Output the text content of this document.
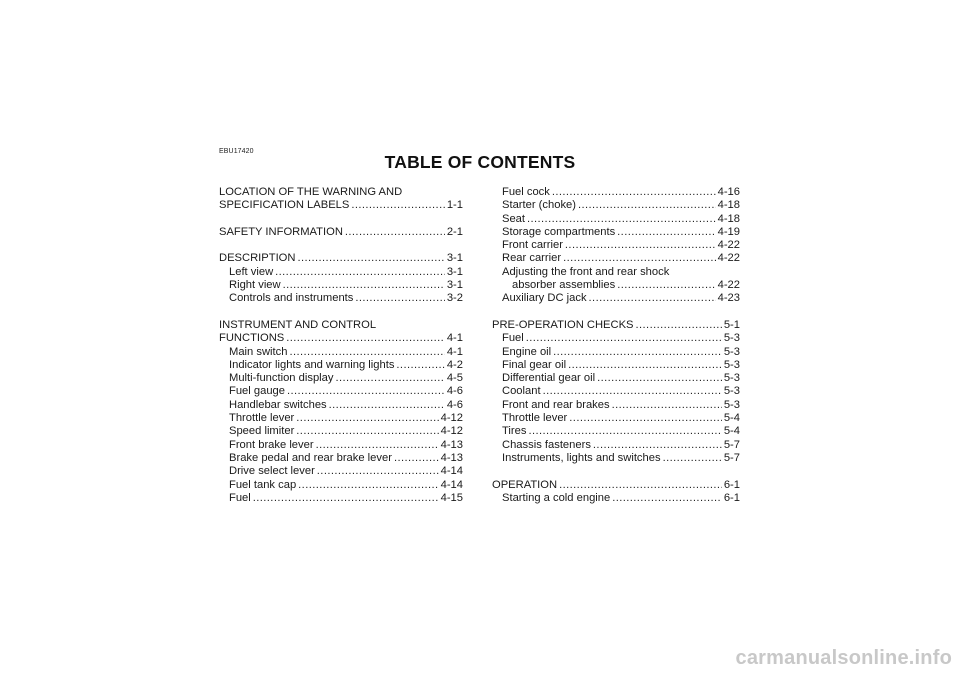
EBU17420
TABLE OF CONTENTS
LOCATION OF THE WARNING AND
SPECIFICATION LABELS .....	1-1
SAFETY INFORMATION .....	2-1
DESCRIPTION .....	3-1
Left view .....	3-1
Right view .....	3-1
Controls and instruments .....	3-2
INSTRUMENT AND CONTROL
FUNCTIONS .....	4-1
Main switch .....	4-1
Indicator lights and warning lights .....	4-2
Multi-function display .....	4-5
Fuel gauge .....	4-6
Handlebar switches .....	4-6
Throttle lever .....	4-12
Speed limiter .....	4-12
Front brake lever .....	4-13
Brake pedal and rear brake lever .....	4-13
Drive select lever .....	4-14
Fuel tank cap .....	4-14
Fuel .....	4-15
Fuel cock .....	4-16
Starter (choke) .....	4-18
Seat .....	4-18
Storage compartments .....	4-19
Front carrier .....	4-22
Rear carrier .....	4-22
Adjusting the front and rear shock
absorber assemblies .....	4-22
Auxiliary DC jack .....	4-23
PRE-OPERATION CHECKS .....	5-1
Fuel .....	5-3
Engine oil .....	5-3
Final gear oil .....	5-3
Differential gear oil .....	5-3
Coolant .....	5-3
Front and rear brakes .....	5-3
Throttle lever .....	5-4
Tires .....	5-4
Chassis fasteners .....	5-7
Instruments, lights and switches .....	5-7
OPERATION .....	6-1
Starting a cold engine .....	6-1
carmanualsonline.info
